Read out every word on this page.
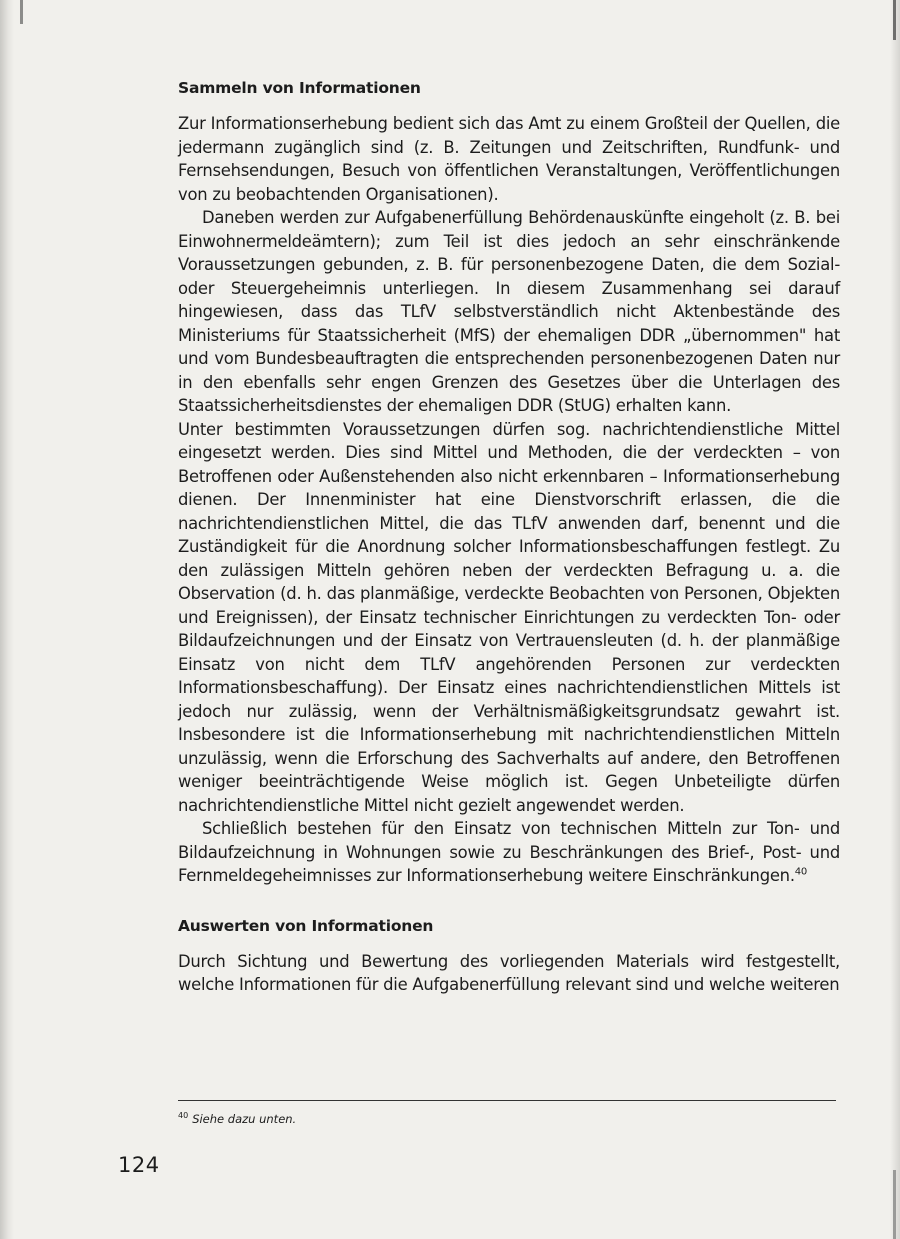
Sammeln von Informationen

Zur Informationserhebung bedient sich das Amt zu einem Großteil der Quellen, die jedermann zugänglich sind (z. B. Zeitungen und Zeitschriften, Rundfunk- und Fernsehsendungen, Besuch von öffentlichen Veranstaltungen, Veröffentlichungen von zu beobachtenden Organisationen).

Daneben werden zur Aufgabenerfüllung Behördenauskünfte eingeholt (z. B. bei Einwohnermeldeämtern); zum Teil ist dies jedoch an sehr einschränkende Voraussetzungen gebunden, z. B. für personenbezogene Daten, die dem Sozial- oder Steuergeheimnis unterliegen. In diesem Zusammenhang sei darauf hingewiesen, dass das TLfV selbstverständlich nicht Aktenbestände des Ministeriums für Staatssicherheit (MfS) der ehemaligen DDR „übernommen" hat und vom Bundesbeauftragten die entsprechenden personenbezogenen Daten nur in den ebenfalls sehr engen Grenzen des Gesetzes über die Unterlagen des Staatssicherheitsdienstes der ehemaligen DDR (StUG) erhalten kann.

Unter bestimmten Voraussetzungen dürfen sog. nachrichtendienstliche Mittel eingesetzt werden. Dies sind Mittel und Methoden, die der verdeckten – von Betroffenen oder Außenstehenden also nicht erkennbaren – Informationserhebung dienen. Der Innenminister hat eine Dienstvorschrift erlassen, die die nachrichtendienstlichen Mittel, die das TLfV anwenden darf, benennt und die Zuständigkeit für die Anordnung solcher Informationsbeschaffungen festlegt. Zu den zulässigen Mitteln gehören neben der verdeckten Befragung u. a. die Observation (d. h. das planmäßige, verdeckte Beobachten von Personen, Objekten und Ereignissen), der Einsatz technischer Einrichtungen zu verdeckten Ton- oder Bildaufzeichnungen und der Einsatz von Vertrauensleuten (d. h. der planmäßige Einsatz von nicht dem TLfV angehörenden Personen zur verdeckten Informationsbeschaffung). Der Einsatz eines nachrichtendienstlichen Mittels ist jedoch nur zulässig, wenn der Verhältnismäßigkeitsgrundsatz gewahrt ist. Insbesondere ist die Informationserhebung mit nachrichtendienstlichen Mitteln unzulässig, wenn die Erforschung des Sachverhalts auf andere, den Betroffenen weniger beeinträchtigende Weise möglich ist. Gegen Unbeteiligte dürfen nachrichtendienstliche Mittel nicht gezielt angewendet werden.

Schließlich bestehen für den Einsatz von technischen Mitteln zur Ton- und Bildaufzeichnung in Wohnungen sowie zu Beschränkungen des Brief-, Post- und Fernmeldegeheimnisses zur Informationserhebung weitere Einschränkungen.$^{40}$

Auswerten von Informationen

Durch Sichtung und Bewertung des vorliegenden Materials wird festgestellt, welche Informationen für die Aufgabenerfüllung relevant sind und welche weiteren

$^{40}$ Siehe dazu unten.
124
